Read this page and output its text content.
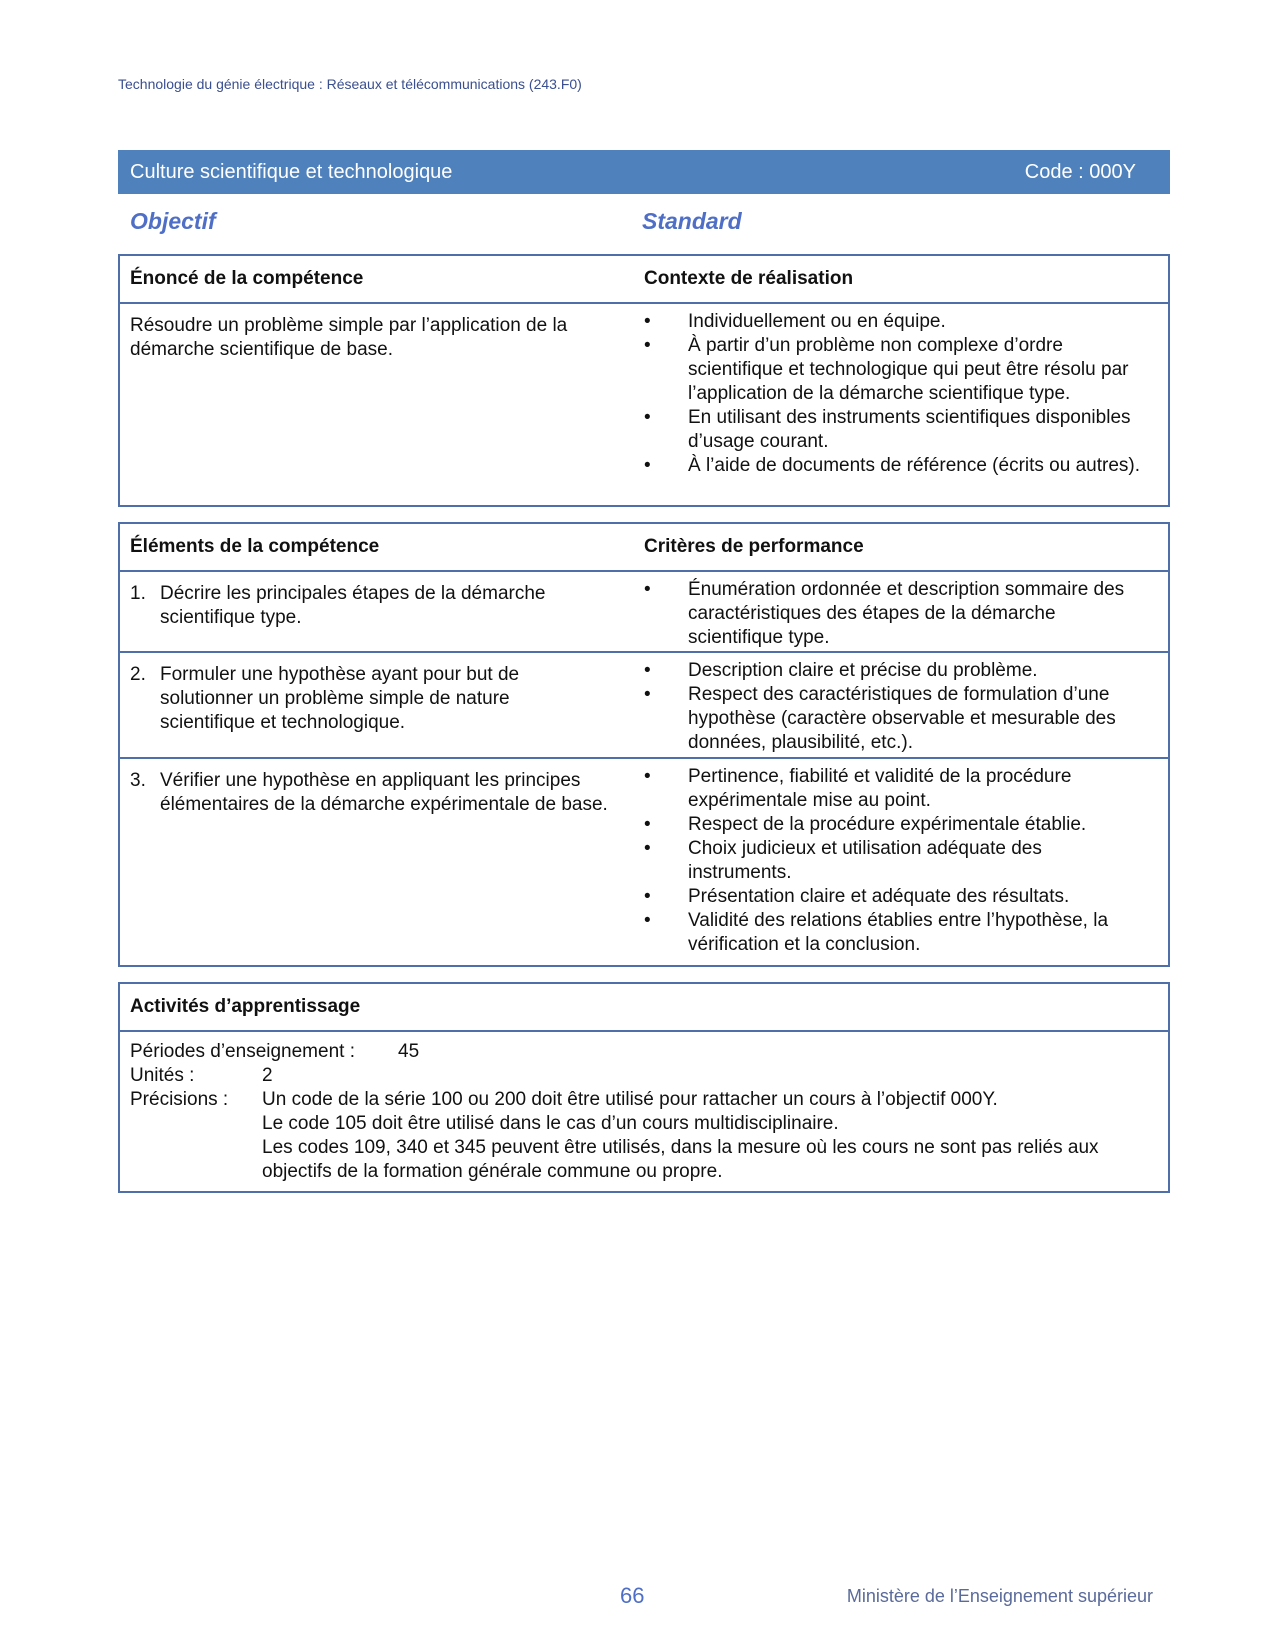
Technologie du génie électrique : Réseaux et télécommunications (243.F0)
Culture scientifique et technologique	Code : 000Y
Objectif	Standard
Énoncé de la compétence	Contexte de réalisation
Résoudre un problème simple par l’application de la démarche scientifique de base.
• Individuellement ou en équipe.
• À partir d’un problème non complexe d’ordre scientifique et technologique qui peut être résolu par l’application de la démarche scientifique type.
• En utilisant des instruments scientifiques disponibles d’usage courant.
• À l’aide de documents de référence (écrits ou autres).
Éléments de la compétence	Critères de performance
1. Décrire les principales étapes de la démarche scientifique type.
• Énumération ordonnée et description sommaire des caractéristiques des étapes de la démarche scientifique type.
2. Formuler une hypothèse ayant pour but de solutionner un problème simple de nature scientifique et technologique.
• Description claire et précise du problème.
• Respect des caractéristiques de formulation d’une hypothèse (caractère observable et mesurable des données, plausibilité, etc.).
3. Vérifier une hypothèse en appliquant les principes élémentaires de la démarche expérimentale de base.
• Pertinence, fiabilité et validité de la procédure expérimentale mise au point.
• Respect de la procédure expérimentale établie.
• Choix judicieux et utilisation adéquate des instruments.
• Présentation claire et adéquate des résultats.
• Validité des relations établies entre l’hypothèse, la vérification et la conclusion.
Activités d’apprentissage
Périodes d’enseignement : 45
Unités :	2
Précisions : Un code de la série 100 ou 200 doit être utilisé pour rattacher un cours à l’objectif 000Y.
Le code 105 doit être utilisé dans le cas d’un cours multidisciplinaire.
Les codes 109, 340 et 345 peuvent être utilisés, dans la mesure où les cours ne sont pas reliés aux objectifs de la formation générale commune ou propre.
66	Ministère de l’Enseignement supérieur
